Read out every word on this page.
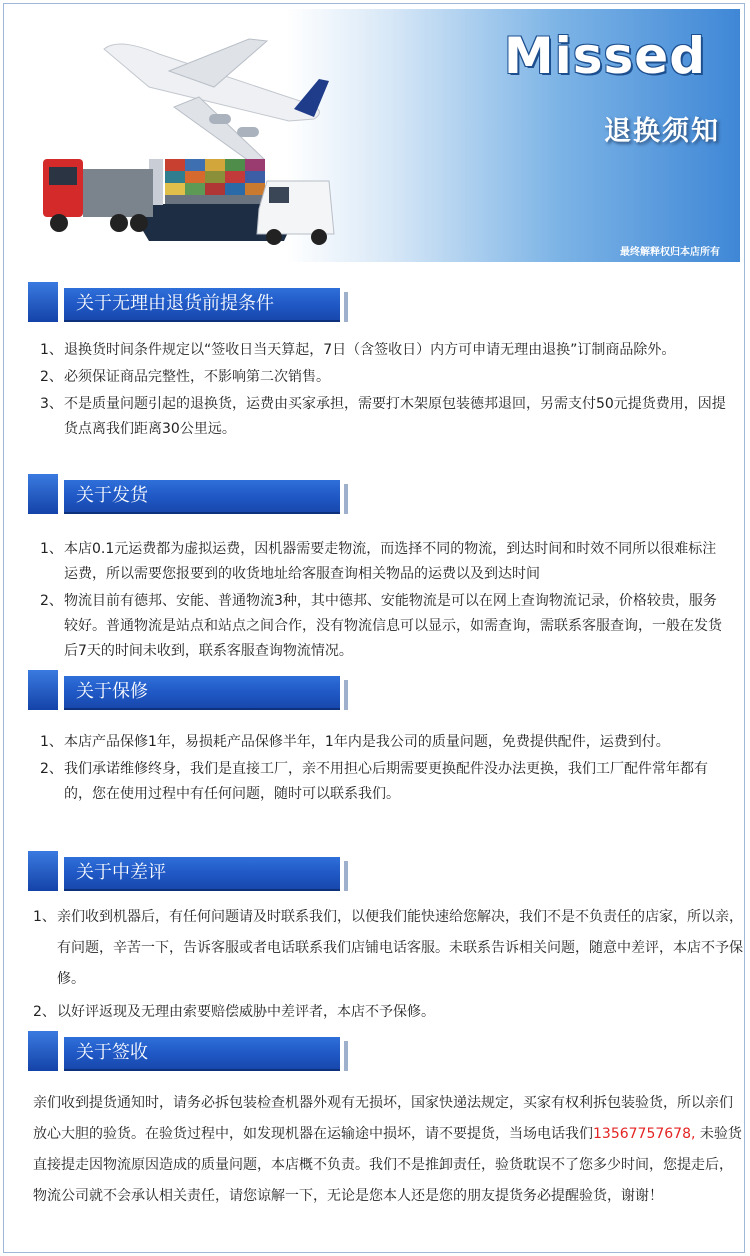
Missed
退换须知
最终解释权归本店所有
关于无理由退货前提条件
1、 退换货时间条件规定以“签收日当天算起，7日（含签收日）内方可申请无理由退换”订制商品除外。
2、 必须保证商品完整性，不影响第二次销售。
3、 不是质量问题引起的退换货，运费由买家承担，需要打木架原包装德邦退回，另需支付50元提货费用，因提货点离我们距离30公里远。
关于发货
1、 本店0.1元运费都为虚拟运费，因机器需要走物流，而选择不同的物流，到达时间和时效不同所以很难标注运费，所以需要您报要到的收货地址给客服查询相关物品的运费以及到达时间
2、 物流目前有德邦、安能、普通物流3种，其中德邦、安能物流是可以在网上查询物流记录，价格较贵，服务较好。普通物流是站点和站点之间合作，没有物流信息可以显示，如需查询，需联系客服查询，一般在发货后7天的时间未收到，联系客服查询物流情况。
关于保修
1、 本店产品保修1年，易损耗产品保修半年，1年内是我公司的质量问题，免费提供配件，运费到付。
2、 我们承诺维修终身，我们是直接工厂，亲不用担心后期需要更换配件没办法更换，我们工厂配件常年都有的，您在使用过程中有任何问题，随时可以联系我们。
关于中差评
1、 亲们收到机器后，有任何问题请及时联系我们，以便我们能快速给您解决，我们不是不负责任的店家，所以亲，有问题，辛苦一下，告诉客服或者电话联系我们店铺电话客服。未联系告诉相关问题，随意中差评，本店不予保修。
2、 以好评返现及无理由索要赔偿威胁中差评者，本店不予保修。
关于签收
亲们收到提货通知时，请务必拆包装检查机器外观有无损坏，国家快递法规定，买家有权利拆包装验货，所以亲们放心大胆的验货。在验货过程中，如发现机器在运输途中损坏，请不要提货，当场电话我们13567757678, 未验货直接提走因物流原因造成的质量问题，本店概不负责。我们不是推卸责任，验货耽误不了您多少时间，您提走后，物流公司就不会承认相关责任，请您谅解一下，无论是您本人还是您的朋友提货务必提醒验货，谢谢！
